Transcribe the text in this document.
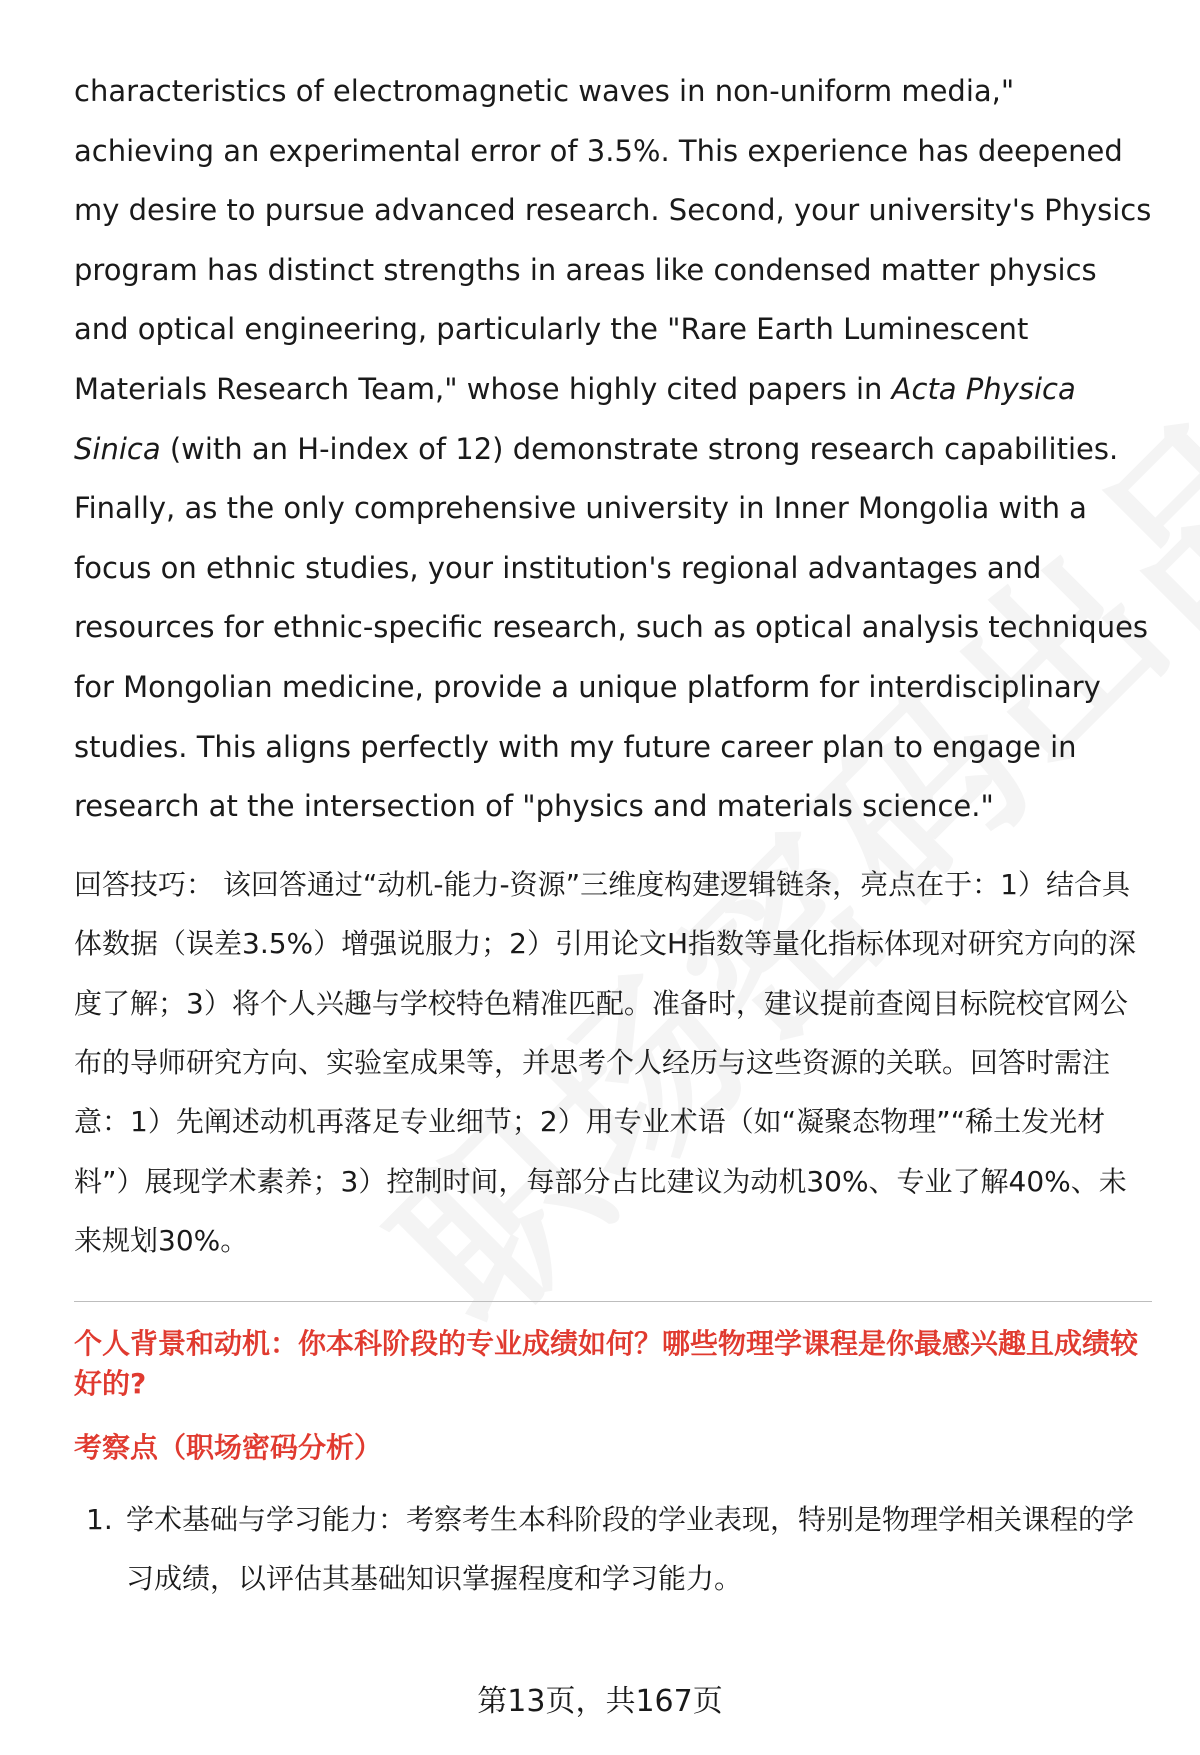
characteristics of electromagnetic waves in non-uniform media," achieving an experimental error of 3.5%. This experience has deepened my desire to pursue advanced research. Second, your university's Physics program has distinct strengths in areas like condensed matter physics and optical engineering, particularly the "Rare Earth Luminescent Materials Research Team," whose highly cited papers in Acta Physica Sinica (with an H-index of 12) demonstrate strong research capabilities. Finally, as the only comprehensive university in Inner Mongolia with a focus on ethnic studies, your institution's regional advantages and resources for ethnic-specific research, such as optical analysis techniques for Mongolian medicine, provide a unique platform for interdisciplinary studies. This aligns perfectly with my future career plan to engage in research at the intersection of "physics and materials science."

回答技巧： 该回答通过“动机-能力-资源”三维度构建逻辑链条，亮点在于：1）结合具体数据（误差3.5%）增强说服力；2）引用论文H指数等量化指标体现对研究方向的深度了解；3）将个人兴趣与学校特色精准匹配。准备时，建议提前查阅目标院校官网公布的导师研究方向、实验室成果等，并思考个人经历与这些资源的关联。回答时需注意：1）先阐述动机再落足专业细节；2）用专业术语（如“凝聚态物理”“稀土发光材料”）展现学术素养；3）控制时间，每部分占比建议为动机30%、专业了解40%、未来规划30%。

个人背景和动机：你本科阶段的专业成绩如何？哪些物理学课程是你最感兴趣且成绩较好的?
考察点（职场密码分析）
1. 学术基础与学习能力：考察考生本科阶段的学业表现，特别是物理学相关课程的学习成绩，以评估其基础知识掌握程度和学习能力。
第13页，共167页
